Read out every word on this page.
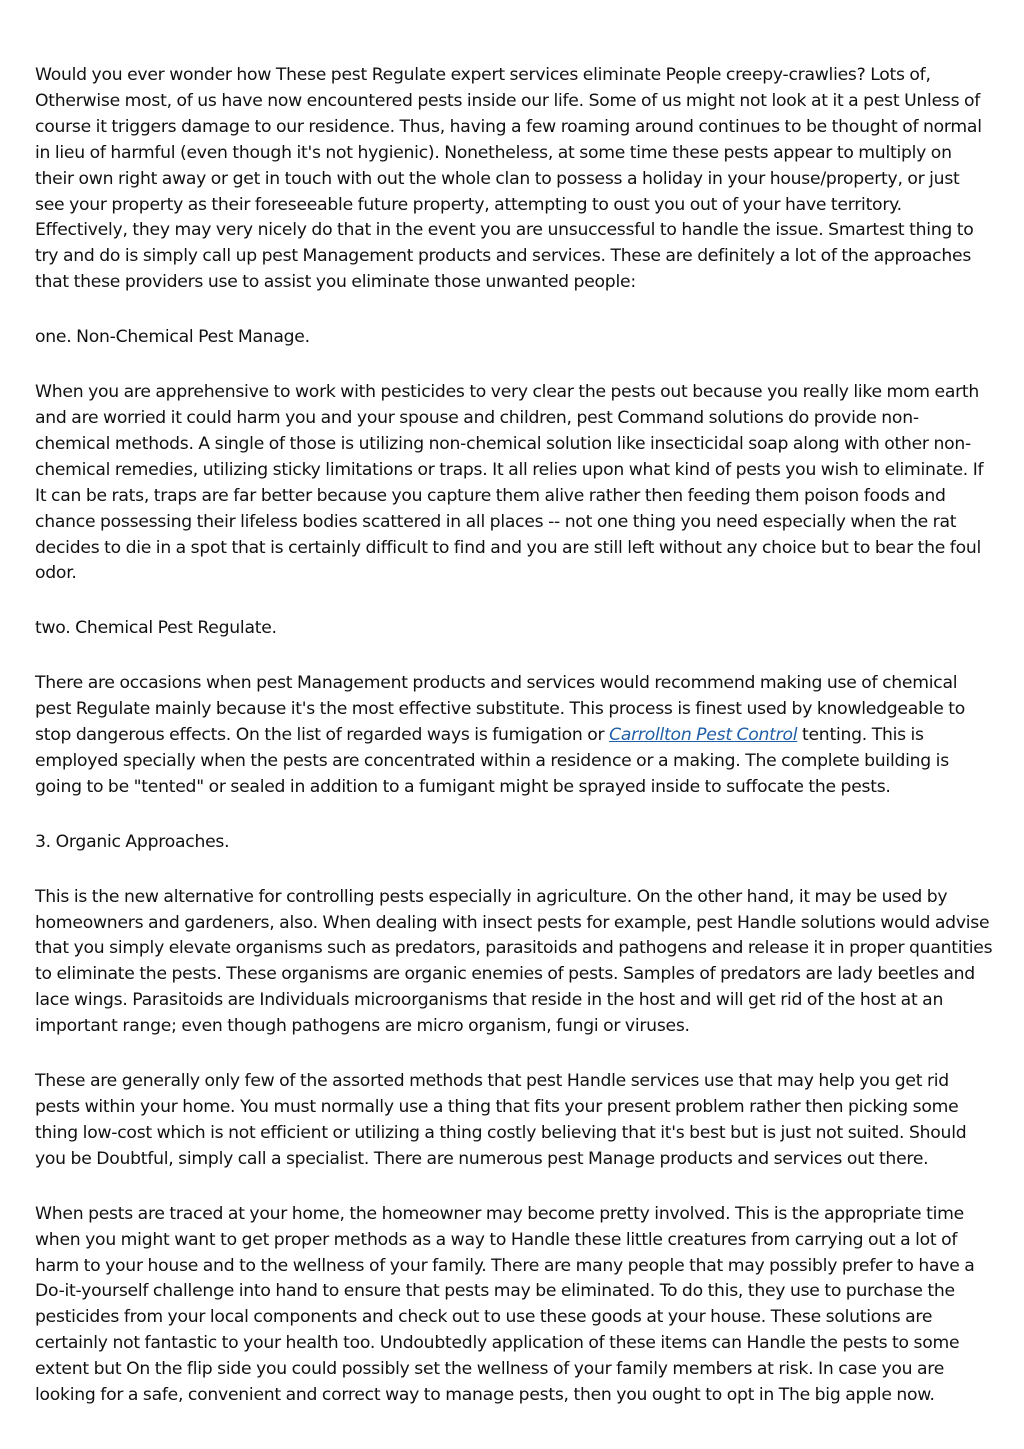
Would you ever wonder how These pest Regulate expert services eliminate People creepy-crawlies? Lots of, Otherwise most, of us have now encountered pests inside our life. Some of us might not look at it a pest Unless of course it triggers damage to our residence. Thus, having a few roaming around continues to be thought of normal in lieu of harmful (even though it's not hygienic). Nonetheless, at some time these pests appear to multiply on their own right away or get in touch with out the whole clan to possess a holiday in your house/property, or just see your property as their foreseeable future property, attempting to oust you out of your have territory. Effectively, they may very nicely do that in the event you are unsuccessful to handle the issue. Smartest thing to try and do is simply call up pest Management products and services. These are definitely a lot of the approaches that these providers use to assist you eliminate those unwanted people:

one. Non-Chemical Pest Manage.

When you are apprehensive to work with pesticides to very clear the pests out because you really like mom earth and are worried it could harm you and your spouse and children, pest Command solutions do provide non-chemical methods. A single of those is utilizing non-chemical solution like insecticidal soap along with other non-chemical remedies, utilizing sticky limitations or traps. It all relies upon what kind of pests you wish to eliminate. If It can be rats, traps are far better because you capture them alive rather then feeding them poison foods and chance possessing their lifeless bodies scattered in all places -- not one thing you need especially when the rat decides to die in a spot that is certainly difficult to find and you are still left without any choice but to bear the foul odor.

two. Chemical Pest Regulate.

There are occasions when pest Management products and services would recommend making use of chemical pest Regulate mainly because it's the most effective substitute. This process is finest used by knowledgeable to stop dangerous effects. On the list of regarded ways is fumigation or Carrollton Pest Control tenting. This is employed specially when the pests are concentrated within a residence or a making. The complete building is going to be "tented" or sealed in addition to a fumigant might be sprayed inside to suffocate the pests.

3. Organic Approaches.

This is the new alternative for controlling pests especially in agriculture. On the other hand, it may be used by homeowners and gardeners, also. When dealing with insect pests for example, pest Handle solutions would advise that you simply elevate organisms such as predators, parasitoids and pathogens and release it in proper quantities to eliminate the pests. These organisms are organic enemies of pests. Samples of predators are lady beetles and lace wings. Parasitoids are Individuals microorganisms that reside in the host and will get rid of the host at an important range; even though pathogens are micro organism, fungi or viruses.

These are generally only few of the assorted methods that pest Handle services use that may help you get rid pests within your home. You must normally use a thing that fits your present problem rather then picking some thing low-cost which is not efficient or utilizing a thing costly believing that it's best but is just not suited. Should you be Doubtful, simply call a specialist. There are numerous pest Manage products and services out there.

When pests are traced at your home, the homeowner may become pretty involved. This is the appropriate time when you might want to get proper methods as a way to Handle these little creatures from carrying out a lot of harm to your house and to the wellness of your family. There are many people that may possibly prefer to have a Do-it-yourself challenge into hand to ensure that pests may be eliminated. To do this, they use to purchase the pesticides from your local components and check out to use these goods at your house. These solutions are certainly not fantastic to your health too. Undoubtedly application of these items can Handle the pests to some extent but On the flip side you could possibly set the wellness of your family members at risk. In case you are looking for a safe, convenient and correct way to manage pests, then you ought to opt in The big apple now.
